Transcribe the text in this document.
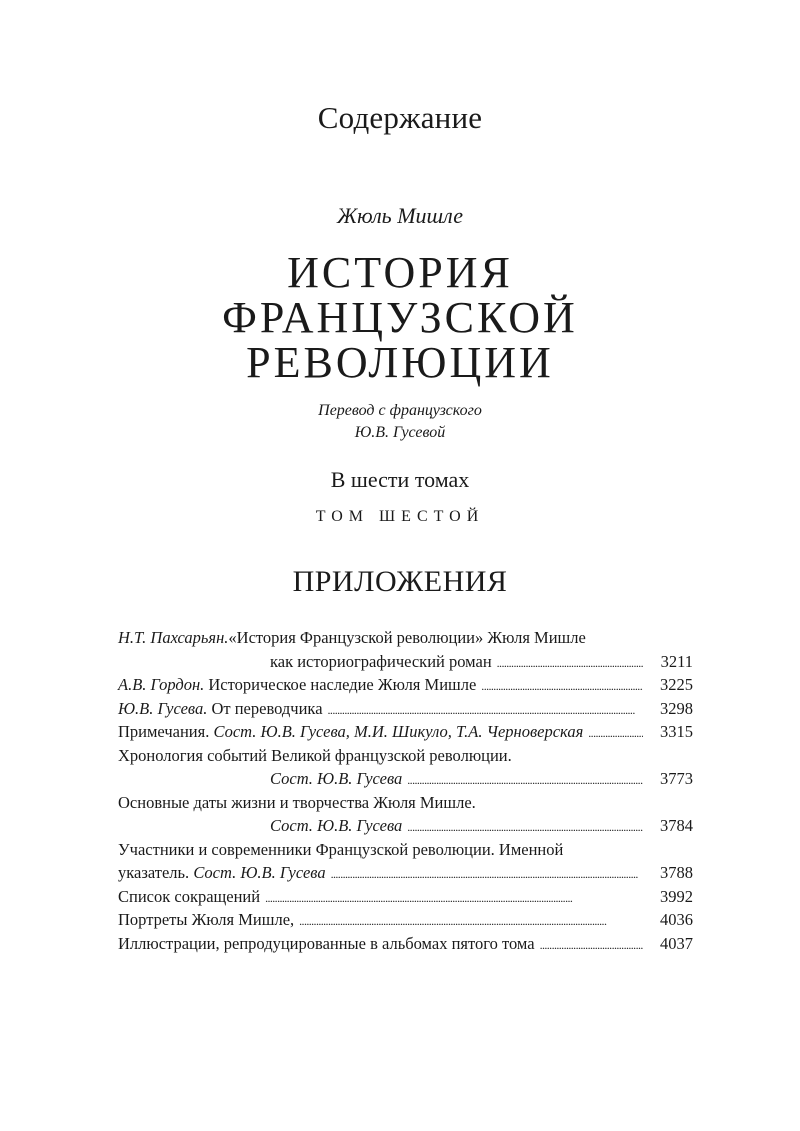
Содержание
Жюль Мишле
ИСТОРИЯ
ФРАНЦУЗСКОЙ
РЕВОЛЮЦИИ
Перевод с французского
Ю.В. Гусевой
В шести томах
ТОМ ШЕСТОЙ
ПРИЛОЖЕНИЯ
Н.Т. Пахсарьян. «История Французской революции» Жюля Мишле
как историографический роман . . .	3211
А.В. Гордон. Историческое наследие Жюля Мишле . . .	3225
Ю.В. Гусева. От переводчика . . .	3298
Примечания. Сост. Ю.В. Гусева, М.И. Шикуло, Т.А. Черноверская . . .	3315
Хронология событий Великой французской революции.
Сост. Ю.В. Гусева . . .	3773
Основные даты жизни и творчества Жюля Мишле.
Сост. Ю.В. Гусева . . .	3784
Участники и современники Французской революции. Именной
указатель. Сост. Ю.В. Гусева . . .	3788
Список сокращений . . .	3992
Портреты Жюля Мишле, . . .	4036
Иллюстрации, репродуцированные в альбомах пятого тома . . .	4037
